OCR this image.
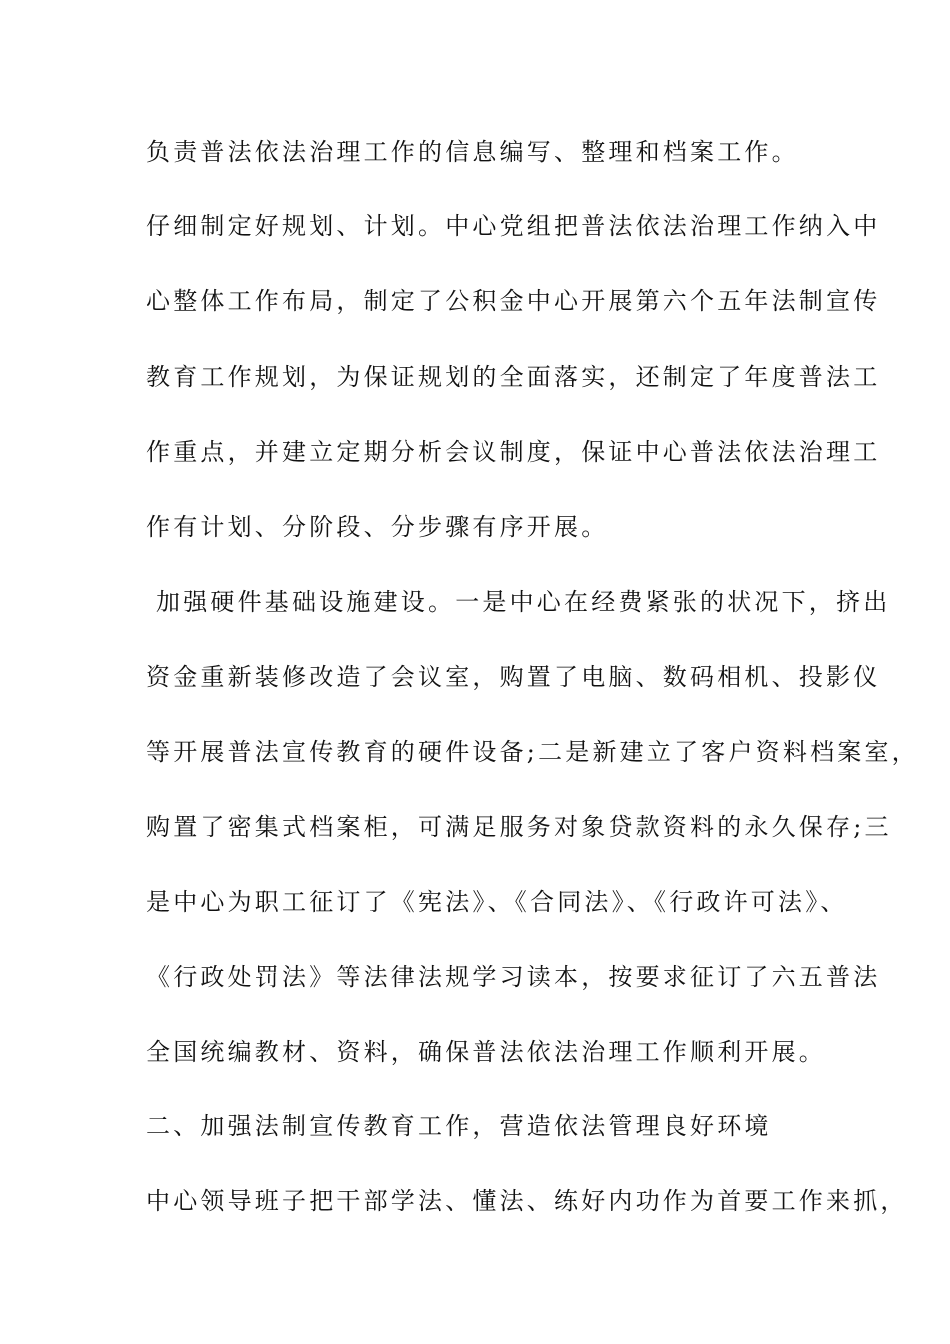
负责普法依法治理工作的信息编写、整理和档案工作。
仔细制定好规划、计划。中心党组把普法依法治理工作纳入中
心整体工作布局，制定了公积金中心开展第六个五年法制宣传
教育工作规划，为保证规划的全面落实，还制定了年度普法工
作重点，并建立定期分析会议制度，保证中心普法依法治理工
作有计划、分阶段、分步骤有序开展。
加强硬件基础设施建设。一是中心在经费紧张的状况下，挤出
资金重新装修改造了会议室，购置了电脑、数码相机、投影仪
等开展普法宣传教育的硬件设备;二是新建立了客户资料档案室，
购置了密集式档案柜，可满足服务对象贷款资料的永久保存;三
是中心为职工征订了《宪法》、《合同法》、《行政许可法》、
《行政处罚法》等法律法规学习读本，按要求征订了六五普法
全国统编教材、资料，确保普法依法治理工作顺利开展。
二、加强法制宣传教育工作，营造依法管理良好环境
中心领导班子把干部学法、懂法、练好内功作为首要工作来抓，
